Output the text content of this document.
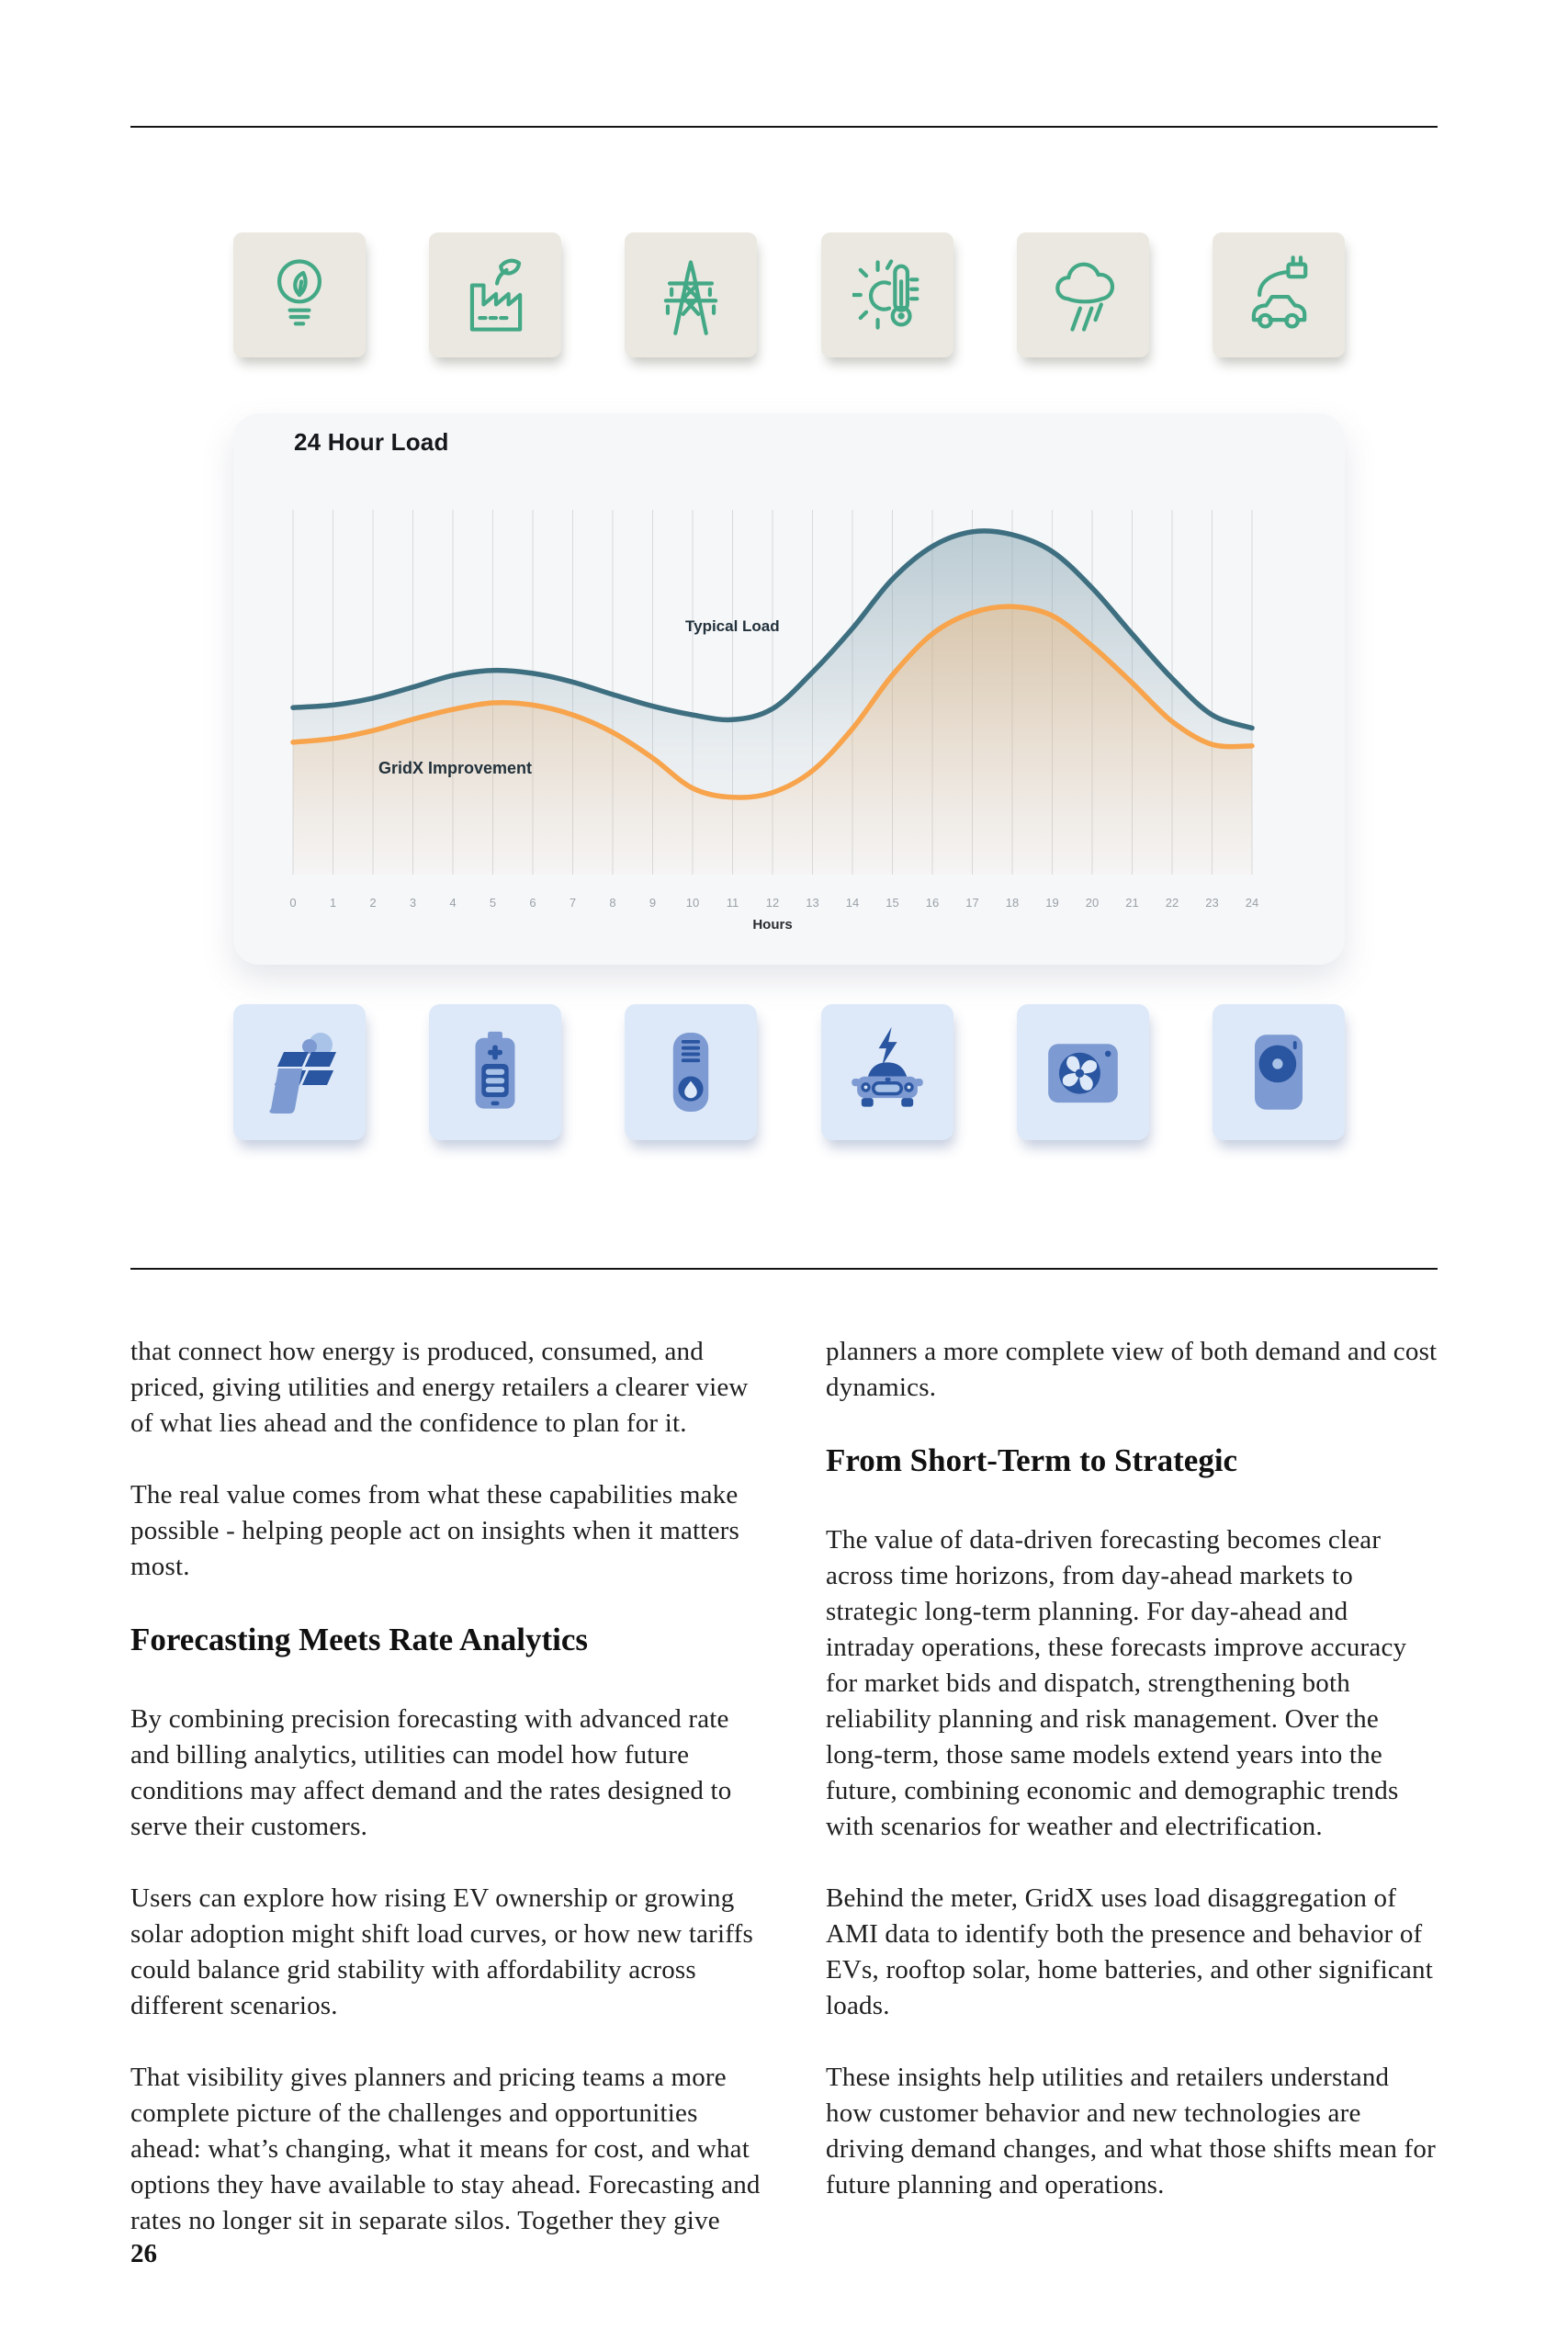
0	1	2	3	4	5	6	7	8	9	10 11 12 13 14 15 16 17 18 19 20 21 22 23 24
24 Hour Load
Typical Load
GridX Improvement
Hours

that connect how energy is produced, consumed, and priced, giving utilities and energy retailers a clearer view of what lies ahead and the confidence to plan for it.

The real value comes from what these capabilities make possible - helping people act on insights when it matters most.

Forecasting Meets Rate Analytics

By combining precision forecasting with advanced rate and billing analytics, utilities can model how future conditions may affect demand and the rates designed to serve their customers.

Users can explore how rising EV ownership or growing solar adoption might shift load curves, or how new tariffs could balance grid stability with affordability across different scenarios.

That visibility gives planners and pricing teams a more complete picture of the challenges and opportunities ahead: what’s changing, what it means for cost, and what options they have available to stay ahead. Forecasting and rates no longer sit in separate silos. Together they give

planners a more complete view of both demand and cost dynamics.

From Short-Term to Strategic

The value of data-driven forecasting becomes clear across time horizons, from day-ahead markets to strategic long-term planning. For day-ahead and intraday operations, these forecasts improve accuracy for market bids and dispatch, strengthening both reliability planning and risk management. Over the long-term, those same models extend years into the future, combining economic and demographic trends with scenarios for weather and electrification.

Behind the meter, GridX uses load disaggregation of AMI data to identify both the presence and behavior of EVs, rooftop solar, home batteries, and other significant loads.

These insights help utilities and retailers understand how customer behavior and new technologies are driving demand changes, and what those shifts mean for future planning and operations.

26
